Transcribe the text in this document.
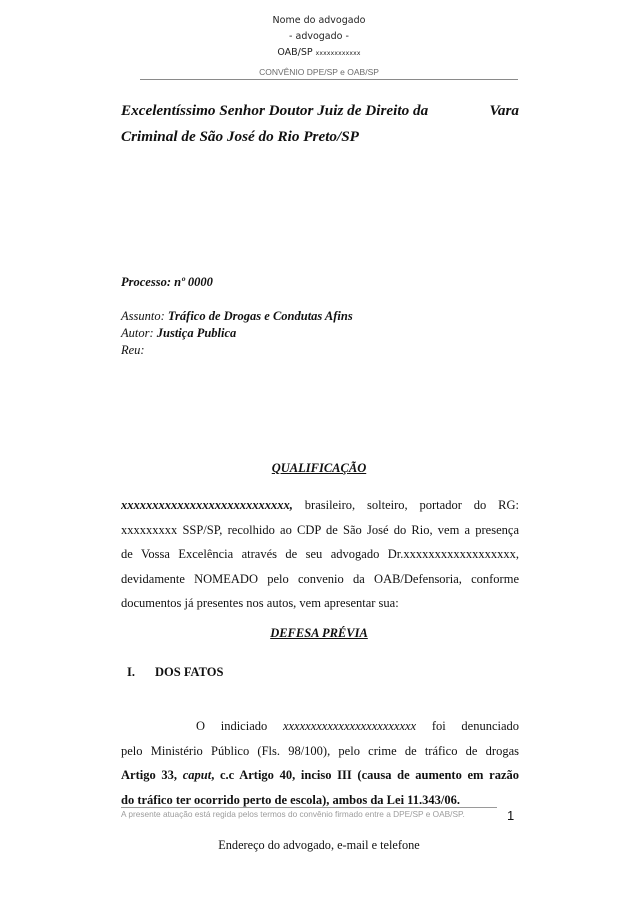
Nome do advogado
- advogado -
OAB/SP xxxxxxxxxxxx
CONVÊNIO DPE/SP e OAB/SP
Excelentíssimo Senhor Doutor Juiz de Direito da	Vara
Criminal de São José do Rio Preto/SP
Processo: nº 0000
Assunto: Tráfico de Drogas e Condutas Afins
Autor: Justiça Publica
Reu:
QUALIFICAÇÃO
xxxxxxxxxxxxxxxxxxxxxxxxxxx, brasileiro, solteiro, portador do RG:
xxxxxxxxx SSP/SP, recolhido ao CDP de São José do Rio, vem a presença
de Vossa Excelência através de seu advogado Dr.xxxxxxxxxxxxxxxxxx,
devidamente NOMEADO pelo convenio da OAB/Defensoria, conforme
documentos já presentes nos autos, vem apresentar sua:
DEFESA PRÉVIA
I. DOS FATOS
O indiciado xxxxxxxxxxxxxxxxxxxxxxxx foi denunciado
pelo Ministério Público (Fls. 98/100), pelo crime de tráfico de drogas
Artigo 33, caput, c.c Artigo 40, inciso III (causa de aumento em razão
do tráfico ter ocorrido perto de escola), ambos da Lei 11.343/06.
A presente atuação está regida pelos termos do convênio firmado entre a DPE/SP e OAB/SP.	1
Endereço do advogado, e-mail e telefone
